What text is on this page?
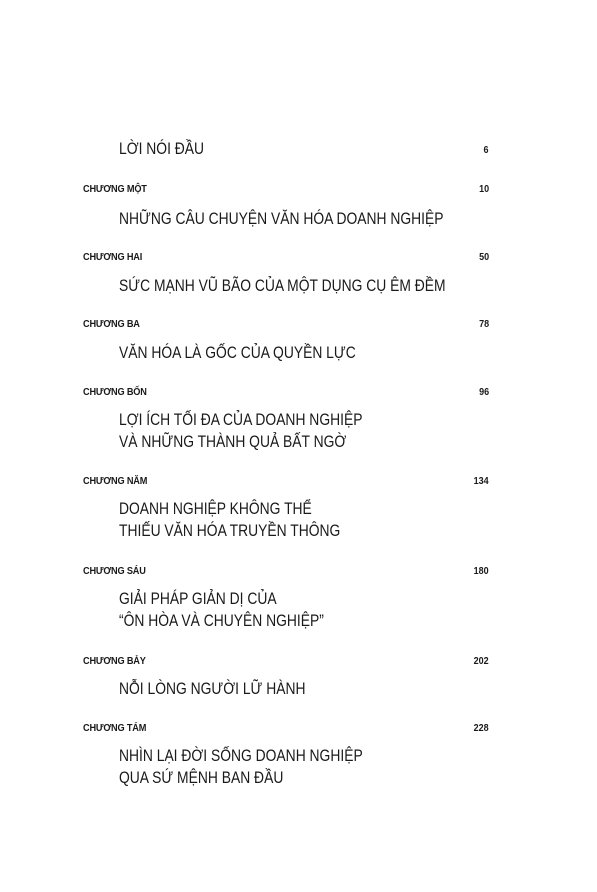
LỜI NÓI ĐẦU	6
CHƯƠNG MỘT	10
NHỮNG CÂU CHUYỆN VĂN HÓA DOANH NGHIỆP
CHƯƠNG HAI	50
SỨC MẠNH VŨ BÃO CỦA MỘT DỤNG CỤ ÊM ĐỀM
CHƯƠNG BA	78
VĂN HÓA LÀ GỐC CỦA QUYỀN LỰC
CHƯƠNG BỐN	96
LỢI ÍCH TỐI ĐA CỦA DOANH NGHIỆP
VÀ NHỮNG THÀNH QUẢ BẤT NGỜ
CHƯƠNG NĂM	134
DOANH NGHIỆP KHÔNG THỂ
THIẾU VĂN HÓA TRUYỀN THÔNG
CHƯƠNG SÁU	180
GIẢI PHÁP GIẢN DỊ CỦA
“ÔN HÒA VÀ CHUYÊN NGHIỆP”
CHƯƠNG BẢY	202
NỖI LÒNG NGƯỜI LỮ HÀNH
CHƯƠNG TÁM	228
NHÌN LẠI ĐỜI SỐNG DOANH NGHIỆP
QUA SỨ MỆNH BAN ĐẦU
